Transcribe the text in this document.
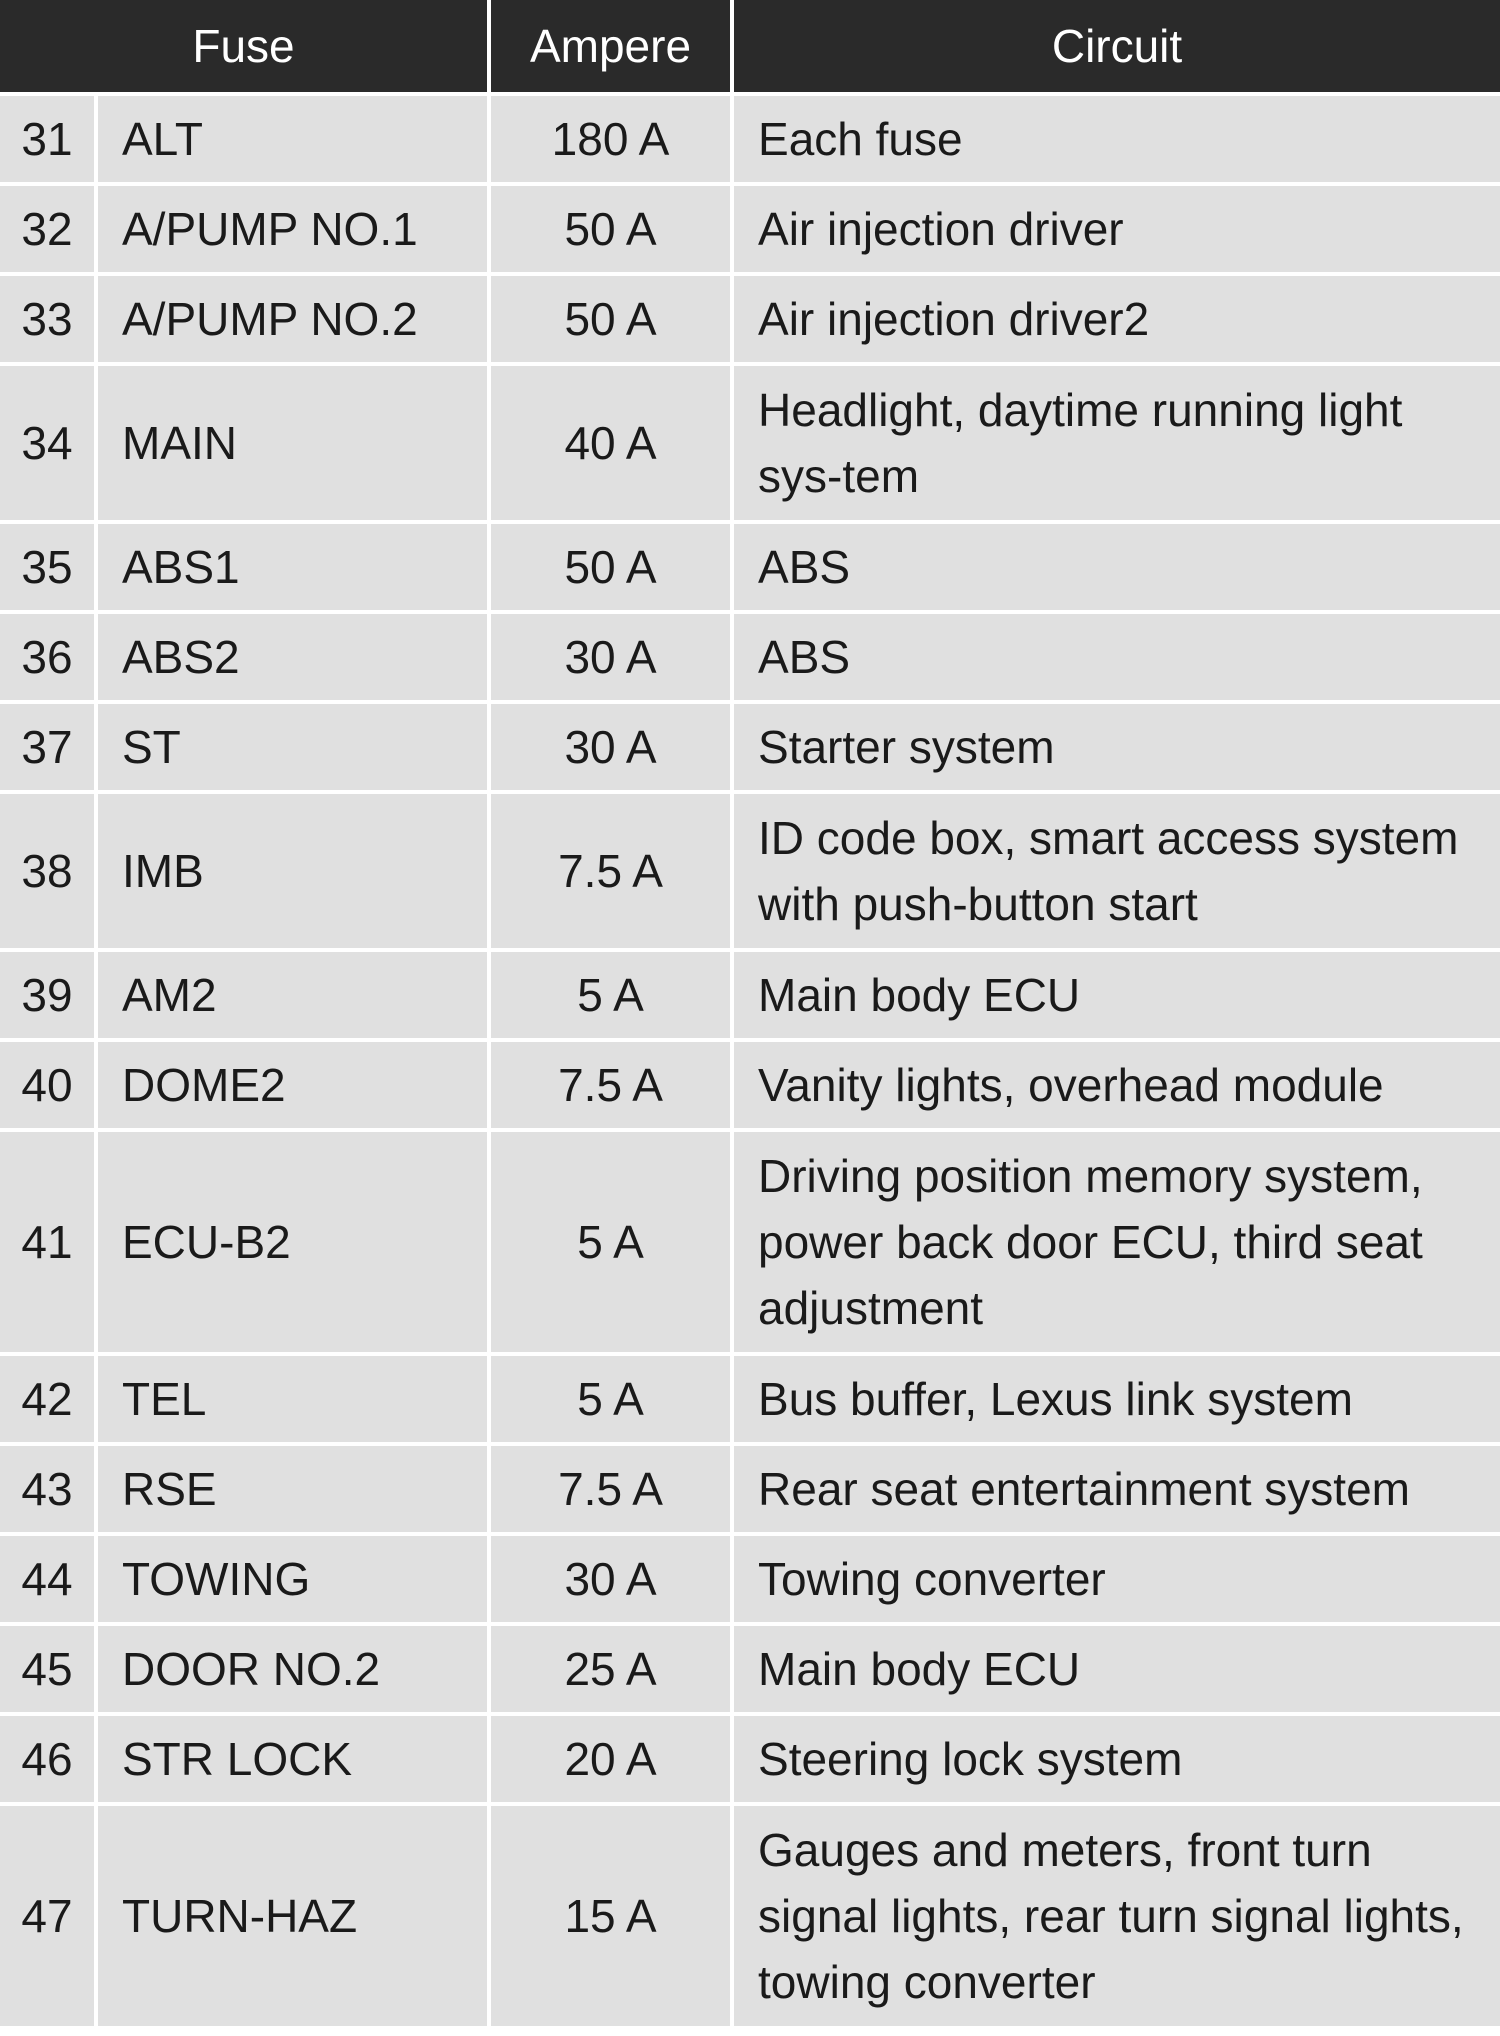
Fuse		Ampere	Circuit
31	ALT	180 A	Each fuse
32	A/PUMP NO.1	50 A	Air injection driver
33	A/PUMP NO.2	50 A	Air injection driver2
34	MAIN	40 A	Headlight, daytime running light sys-tem
35	ABS1	50 A	ABS
36	ABS2	30 A	ABS
37	ST	30 A	Starter system
38	IMB	7.5 A	ID code box, smart access system with push-button start
39	AM2	5 A	Main body ECU
40	DOME2	7.5 A	Vanity lights, overhead module
41	ECU-B2	5 A	Driving position memory system, power back door ECU, third seat adjustment
42	TEL	5 A	Bus buffer, Lexus link system
43	RSE	7.5 A	Rear seat entertainment system
44	TOWING	30 A	Towing converter
45	DOOR NO.2	25 A	Main body ECU
46	STR LOCK	20 A	Steering lock system
47	TURN-HAZ	15 A	Gauges and meters, front turn signal lights, rear turn signal lights, towing converter
